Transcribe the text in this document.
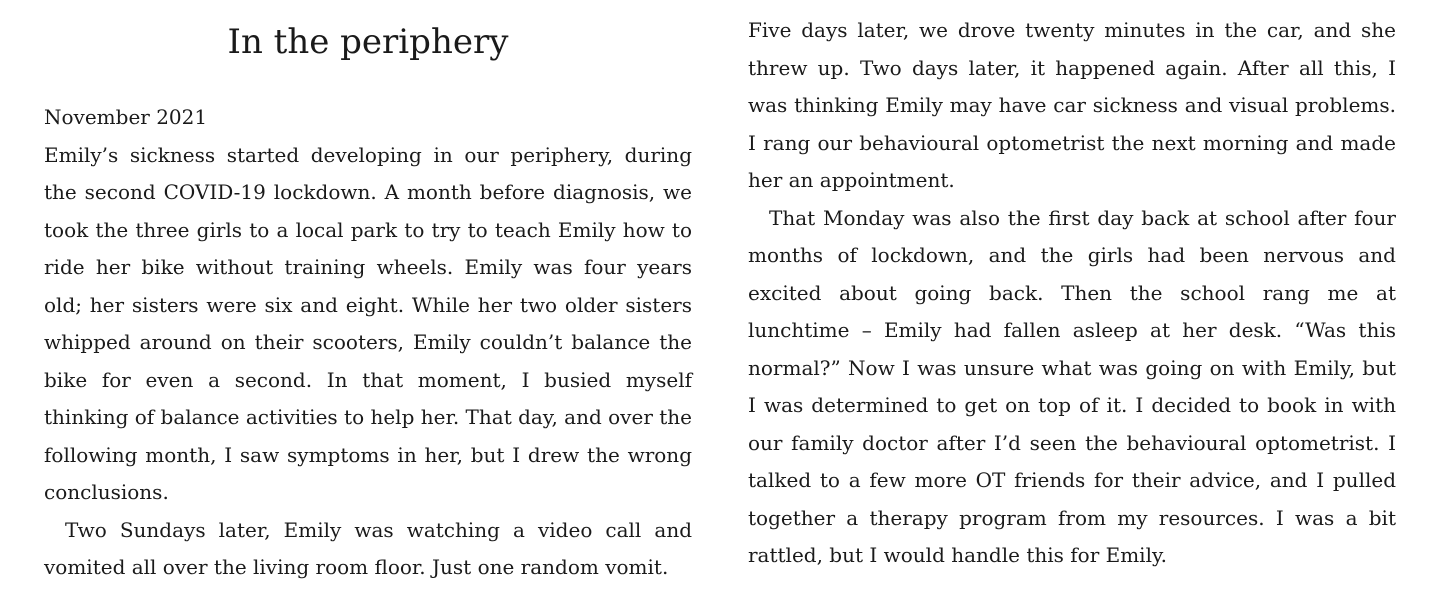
In the periphery
November 2021

Emily’s sickness started developing in our periphery, during the second COVID-19 lockdown. A month before diagnosis, we took the three girls to a local park to try to teach Emily how to ride her bike without training wheels. Emily was four years old; her sisters were six and eight. While her two older sisters whipped around on their scooters, Emily couldn’t balance the bike for even a second. In that moment, I busied myself thinking of balance activities to help her. That day, and over the following month, I saw symptoms in her, but I drew the wrong conclusions.

Two Sundays later, Emily was watching a video call and vomited all over the living room floor. Just one random vomit.

Five days later, we drove twenty minutes in the car, and she threw up. Two days later, it happened again. After all this, I was thinking Emily may have car sickness and visual problems. I rang our behavioural optometrist the next morning and made her an appointment.

That Monday was also the first day back at school after four months of lockdown, and the girls had been nervous and excited about going back. Then the school rang me at lunchtime – Emily had fallen asleep at her desk. “Was this normal?” Now I was unsure what was going on with Emily, but I was determined to get on top of it. I decided to book in with our family doctor after I’d seen the behavioural optometrist. I talked to a few more OT friends for their advice, and I pulled together a therapy program from my resources. I was a bit rattled, but I would handle this for Emily.
